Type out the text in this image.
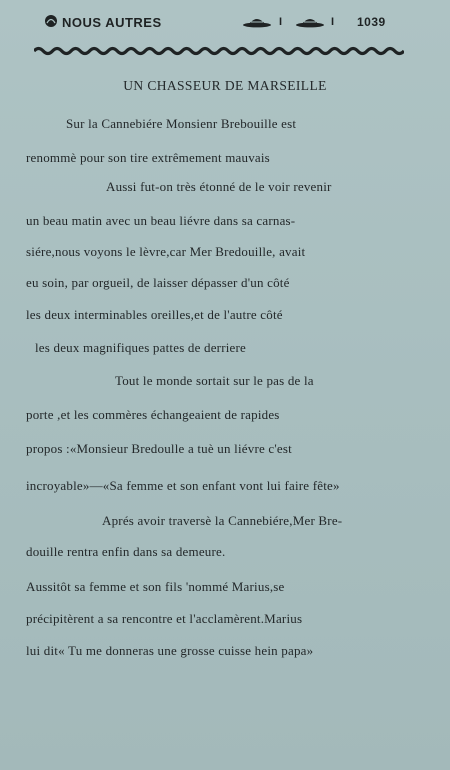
NOUS AUTRES	I	I 1039
UN CHASSEUR DE MARSEILLE
Sur la Cannebiére Monsienr Brebouille est
renommè pour son tire extrêmement mauvais
Aussi fut-on très étonné de le voir revenir
un beau matin avec un beau liévre dans sa carnas-
siére,nous voyons le lèvre,car Mer Bredouille, avait
eu soin, par orgueil, de laisser dépasser d'un côté
les deux interminables oreilles,et de l'autre côté
les deux magnifiques pattes de derriere
Tout le monde sortait sur le pas de la
porte ,et les commères échangeaient de rapides
propos :«Monsieur Bredoulle a tuè un liévre c'est
incroyable»—«Sa femme et son enfant vont lui faire fête»
Aprés avoir traversè la Cannebiére,Mer Bre-
douille rentra enfin dans sa demeure.
Aussitôt sa femme et son fils 'nommé Marius,se
précipitèrent a sa rencontre et l'acclamèrent.Marius
lui dit« Tu me donneras une grosse cuisse hein papa»
